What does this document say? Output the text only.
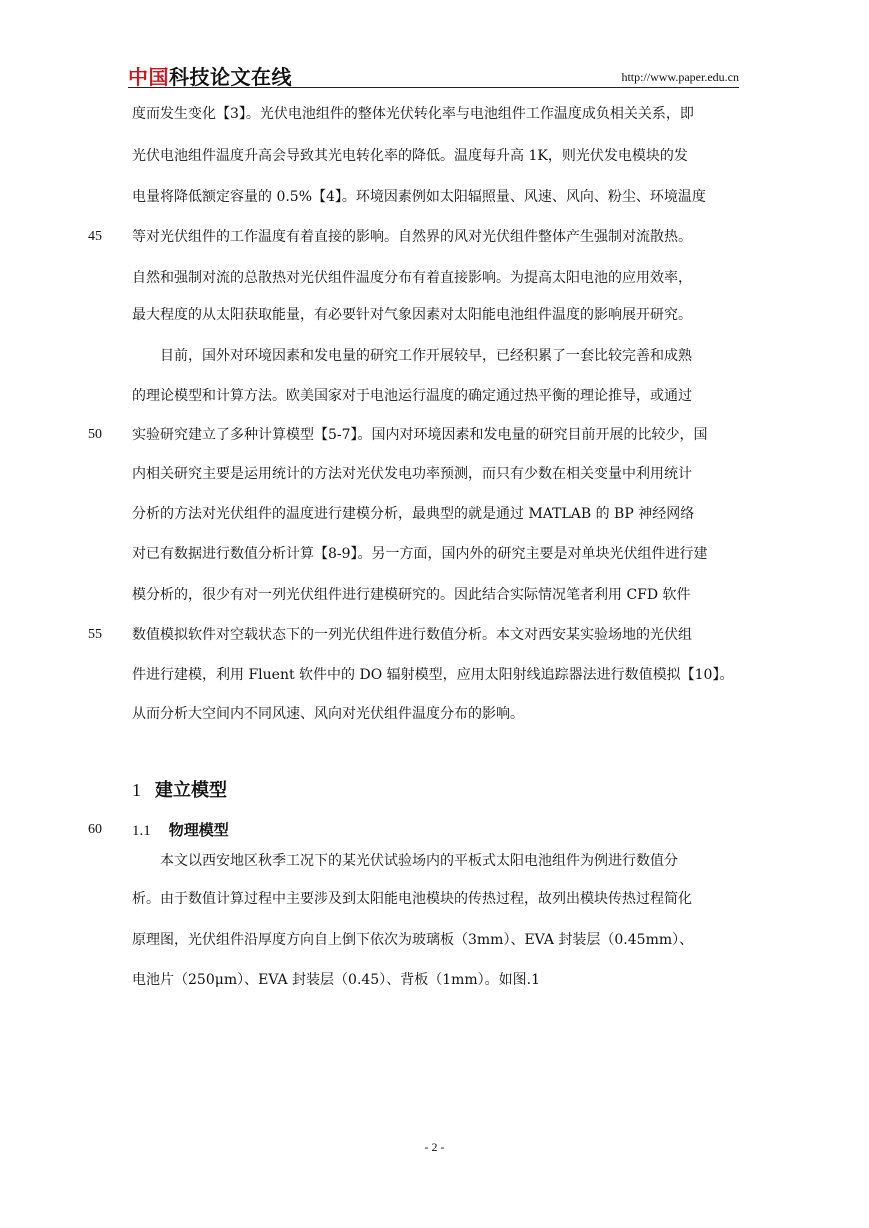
中国科技论文在线	http://www.paper.edu.cn
度而发生变化【3】。光伏电池组件的整体光伏转化率与电池组件工作温度成负相关关系，即
光伏电池组件温度升高会导致其光电转化率的降低。温度每升高 1K，则光伏发电模块的发
电量将降低额定容量的 0.5%【4】。环境因素例如太阳辐照量、风速、风向、粉尘、环境温度
等对光伏组件的工作温度有着直接的影响。自然界的风对光伏组件整体产生强制对流散热。
自然和强制对流的总散热对光伏组件温度分布有着直接影响。为提高太阳电池的应用效率，
最大程度的从太阳获取能量，有必要针对气象因素对太阳能电池组件温度的影响展开研究。
　　目前，国外对环境因素和发电量的研究工作开展较早，已经积累了一套比较完善和成熟
的理论模型和计算方法。欧美国家对于电池运行温度的确定通过热平衡的理论推导，或通过
实验研究建立了多种计算模型【5-7】。国内对环境因素和发电量的研究目前开展的比较少，国
内相关研究主要是运用统计的方法对光伏发电功率预测，而只有少数在相关变量中利用统计
分析的方法对光伏组件的温度进行建模分析，最典型的就是通过 MATLAB 的 BP 神经网络
对已有数据进行数值分析计算【8-9】。另一方面，国内外的研究主要是对单块光伏组件进行建
模分析的，很少有对一列光伏组件进行建模研究的。因此结合实际情况笔者利用 CFD 软件
数值模拟软件对空载状态下的一列光伏组件进行数值分析。本文对西安某实验场地的光伏组
件进行建模，利用 Fluent 软件中的 DO 辐射模型，应用太阳射线追踪器法进行数值模拟【10】。
从而分析大空间内不同风速、风向对光伏组件温度分布的影响。
45
50
55
60
1 建立模型
1.1 物理模型
　　本文以西安地区秋季工况下的某光伏试验场内的平板式太阳电池组件为例进行数值分
析。由于数值计算过程中主要涉及到太阳能电池模块的传热过程，故列出模块传热过程简化
原理图，光伏组件沿厚度方向自上倒下依次为玻璃板（3mm）、EVA 封装层（0.45mm）、
电池片（250μm）、EVA 封装层（0.45）、背板（1mm）。如图.1
- 2 -
